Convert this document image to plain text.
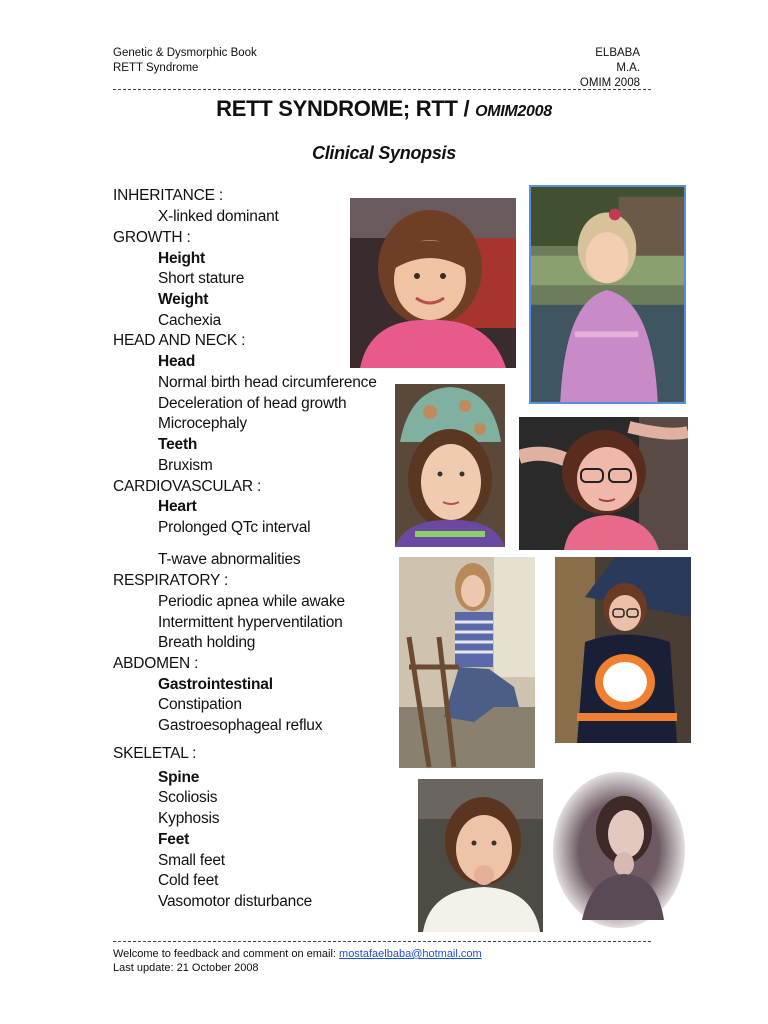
Genetic & Dysmorphic Book
RETT Syndrome
ELBABA M.A.
OMIM 2008
RETT SYNDROME; RTT / OMIM2008
Clinical Synopsis
INHERITANCE :
X-linked dominant
GROWTH :
Height
Short stature
Weight
Cachexia
HEAD AND NECK :
Head
Normal birth head circumference
Deceleration of head growth
Microcephaly
Teeth
Bruxism
CARDIOVASCULAR :
Heart
Prolonged QTc interval
T-wave abnormalities
RESPIRATORY :
Periodic apnea while awake
Intermittent hyperventilation
Breath holding
ABDOMEN :
Gastrointestinal
Constipation
Gastroesophageal reflux
SKELETAL :
Spine
Scoliosis
Kyphosis
Feet
Small feet
Cold feet
Vasomotor disturbance
Welcome to feedback and comment on email: mostafaelbaba@hotmail.com
Last update: 21 October 2008
